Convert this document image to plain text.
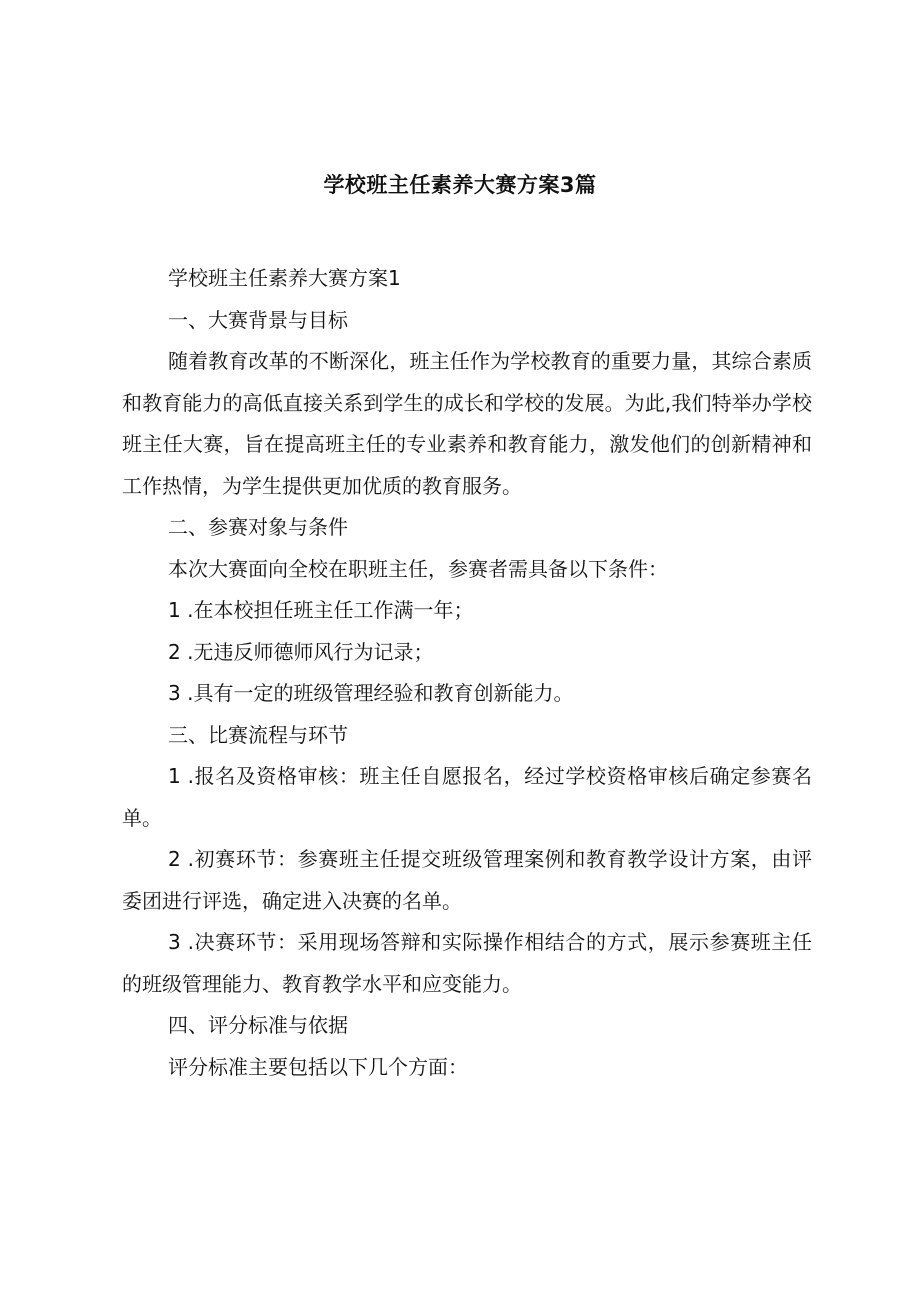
学校班主任素养大赛方案3篇

学校班主任素养大赛方案1

一、大赛背景与目标

随着教育改革的不断深化，班主任作为学校教育的重要力量，其综合素质和教育能力的高低直接关系到学生的成长和学校的发展。为此,我们特举办学校班主任大赛，旨在提高班主任的专业素养和教育能力，激发他们的创新精神和工作热情，为学生提供更加优质的教育服务。

二、参赛对象与条件

本次大赛面向全校在职班主任，参赛者需具备以下条件：

1 .在本校担任班主任工作满一年；

2 .无违反师德师风行为记录；

3 .具有一定的班级管理经验和教育创新能力。

三、比赛流程与环节

1 .报名及资格审核：班主任自愿报名，经过学校资格审核后确定参赛名单。

2 .初赛环节：参赛班主任提交班级管理案例和教育教学设计方案，由评委团进行评选，确定进入决赛的名单。

3 .决赛环节：采用现场答辩和实际操作相结合的方式，展示参赛班主任的班级管理能力、教育教学水平和应变能力。

四、评分标准与依据

评分标准主要包括以下几个方面：
